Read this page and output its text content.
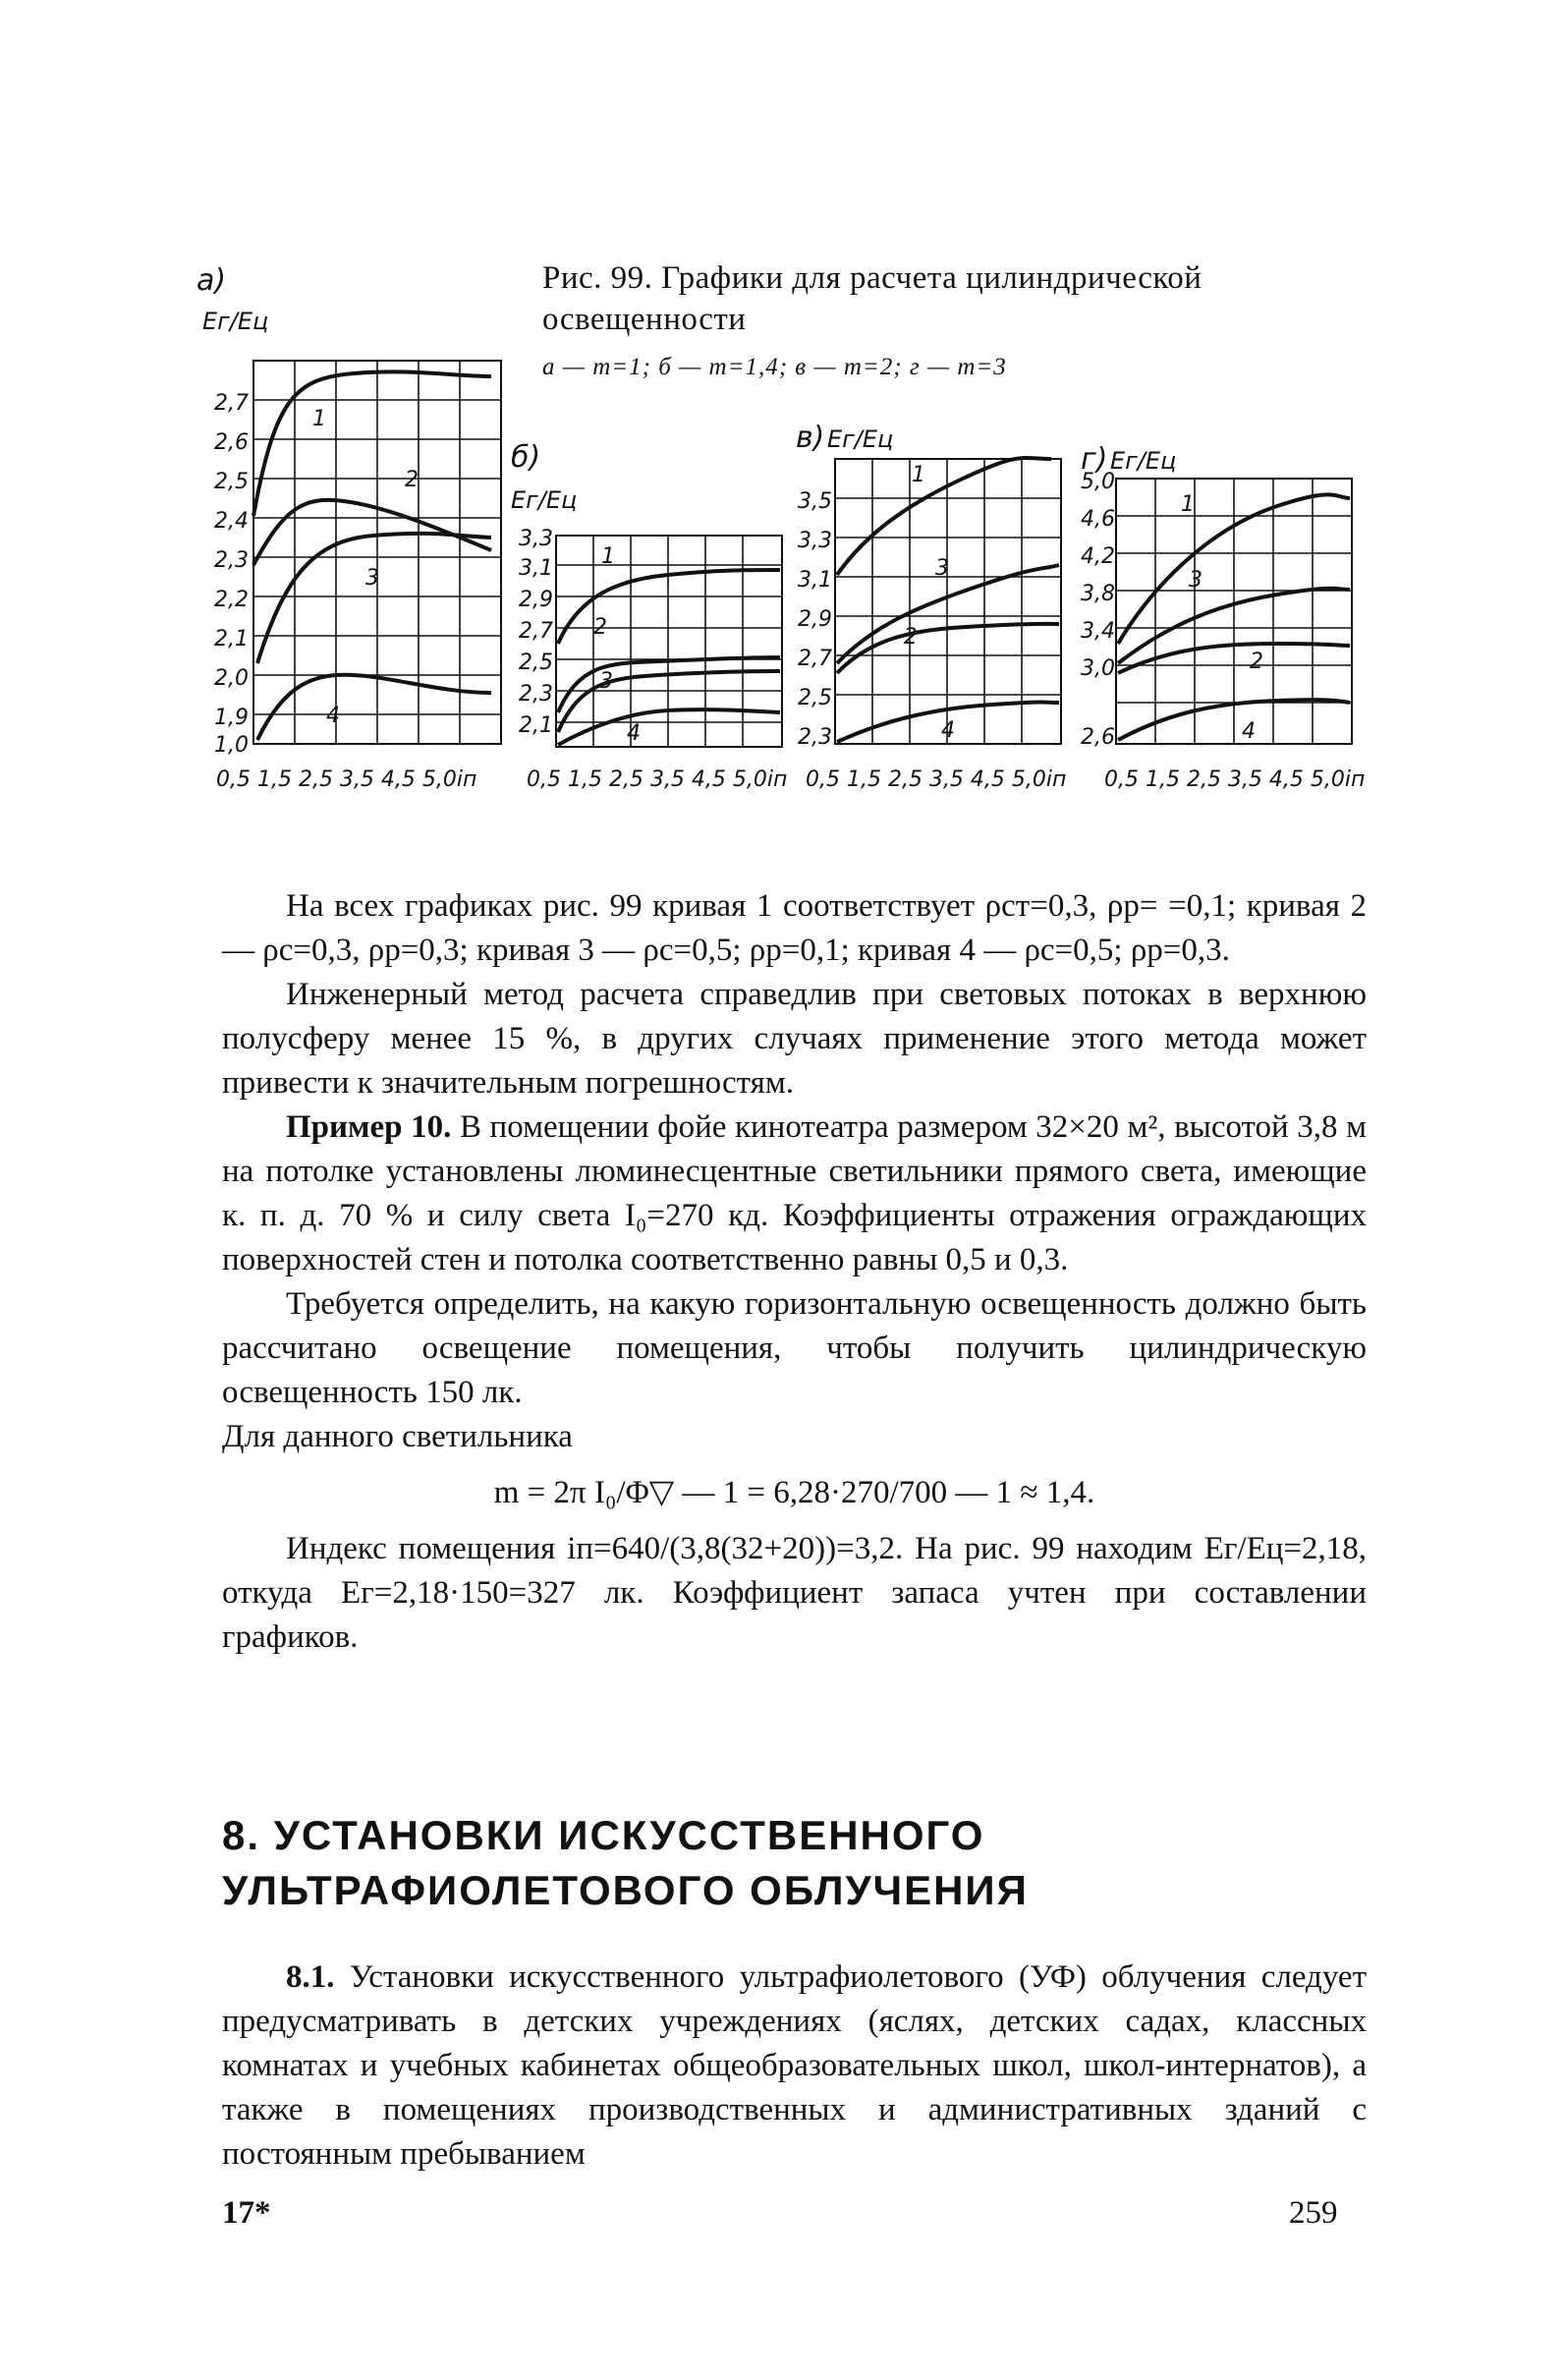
а)
Eг/Eц
2,7
2,6
2,5
2,4
2,3
2,2
2,1
2,0
1,9
1,0
0,5 1,5 2,5 3,5 4,5 5,0iп
1
2
3
4
б)
Eг/Eц
3,3
3,1
2,9
2,7
2,5
2,3
2,1
0,5 1,5 2,5 3,5 4,5 5,0iп
1
2
3
4
в) Eг/Eц
3,5
3,3
3,1
2,9
2,7
2,5
2,3
0,5 1,5 2,5 3,5 4,5 5,0iп
1
3
2
4
г) Eг/Eц
5,0
4,6
4,2
3,8
3,4
3,0
2,6
0,5 1,5 2,5 3,5 4,5 5,0iп
1
3
2
4
Рис. 99. Графики для расчета цилиндрической освещенности
а — m=1; б — m=1,4; в — m=2; г — m=3

На всех графиках рис. 99 кривая 1 соответствует ρст=0,3, ρр= =0,1; кривая 2 — ρс=0,3, ρр=0,3; кривая 3 — ρс=0,5; ρр=0,1; кривая 4 — ρс=0,5; ρр=0,3.

Инженерный метод расчета справедлив при световых потоках в верхнюю полусферу менее 15 %, в других случаях применение этого метода может привести к значительным погрешностям.

Пример 10. В помещении фойе кинотеатра размером 32×20 м², высотой 3,8 м на потолке установлены люминесцентные светильники прямого света, имеющие к. п. д. 70 % и силу света I₀=270 кд. Коэффициенты отражения ограждающих поверхностей стен и потолка соответственно равны 0,5 и 0,3.

Требуется определить, на какую горизонтальную освещенность должно быть рассчитано освещение помещения, чтобы получить цилиндрическую освещенность 150 лк.

Для данного светильника

m = 2π I₀/Φ▽ — 1 = 6,28·270/700 — 1 ≈ 1,4.

Индекс помещения iп=640/(3,8(32+20))=3,2. На рис. 99 находим Eг/Eц=2,18, откуда Eг=2,18·150=327 лк. Коэффициент запаса учтен при составлении графиков.

8. УСТАНОВКИ ИСКУССТВЕННОГО
УЛЬТРАФИОЛЕТОВОГО ОБЛУЧЕНИЯ

8.1. Установки искусственного ультрафиолетового (УФ) облучения следует предусматривать в детских учреждениях (яслях, детских садах, классных комнатах и учебных кабинетах общеобразовательных школ, школ-интернатов), а также в помещениях производственных и административных зданий с постоянным пребыванием

17*	259
